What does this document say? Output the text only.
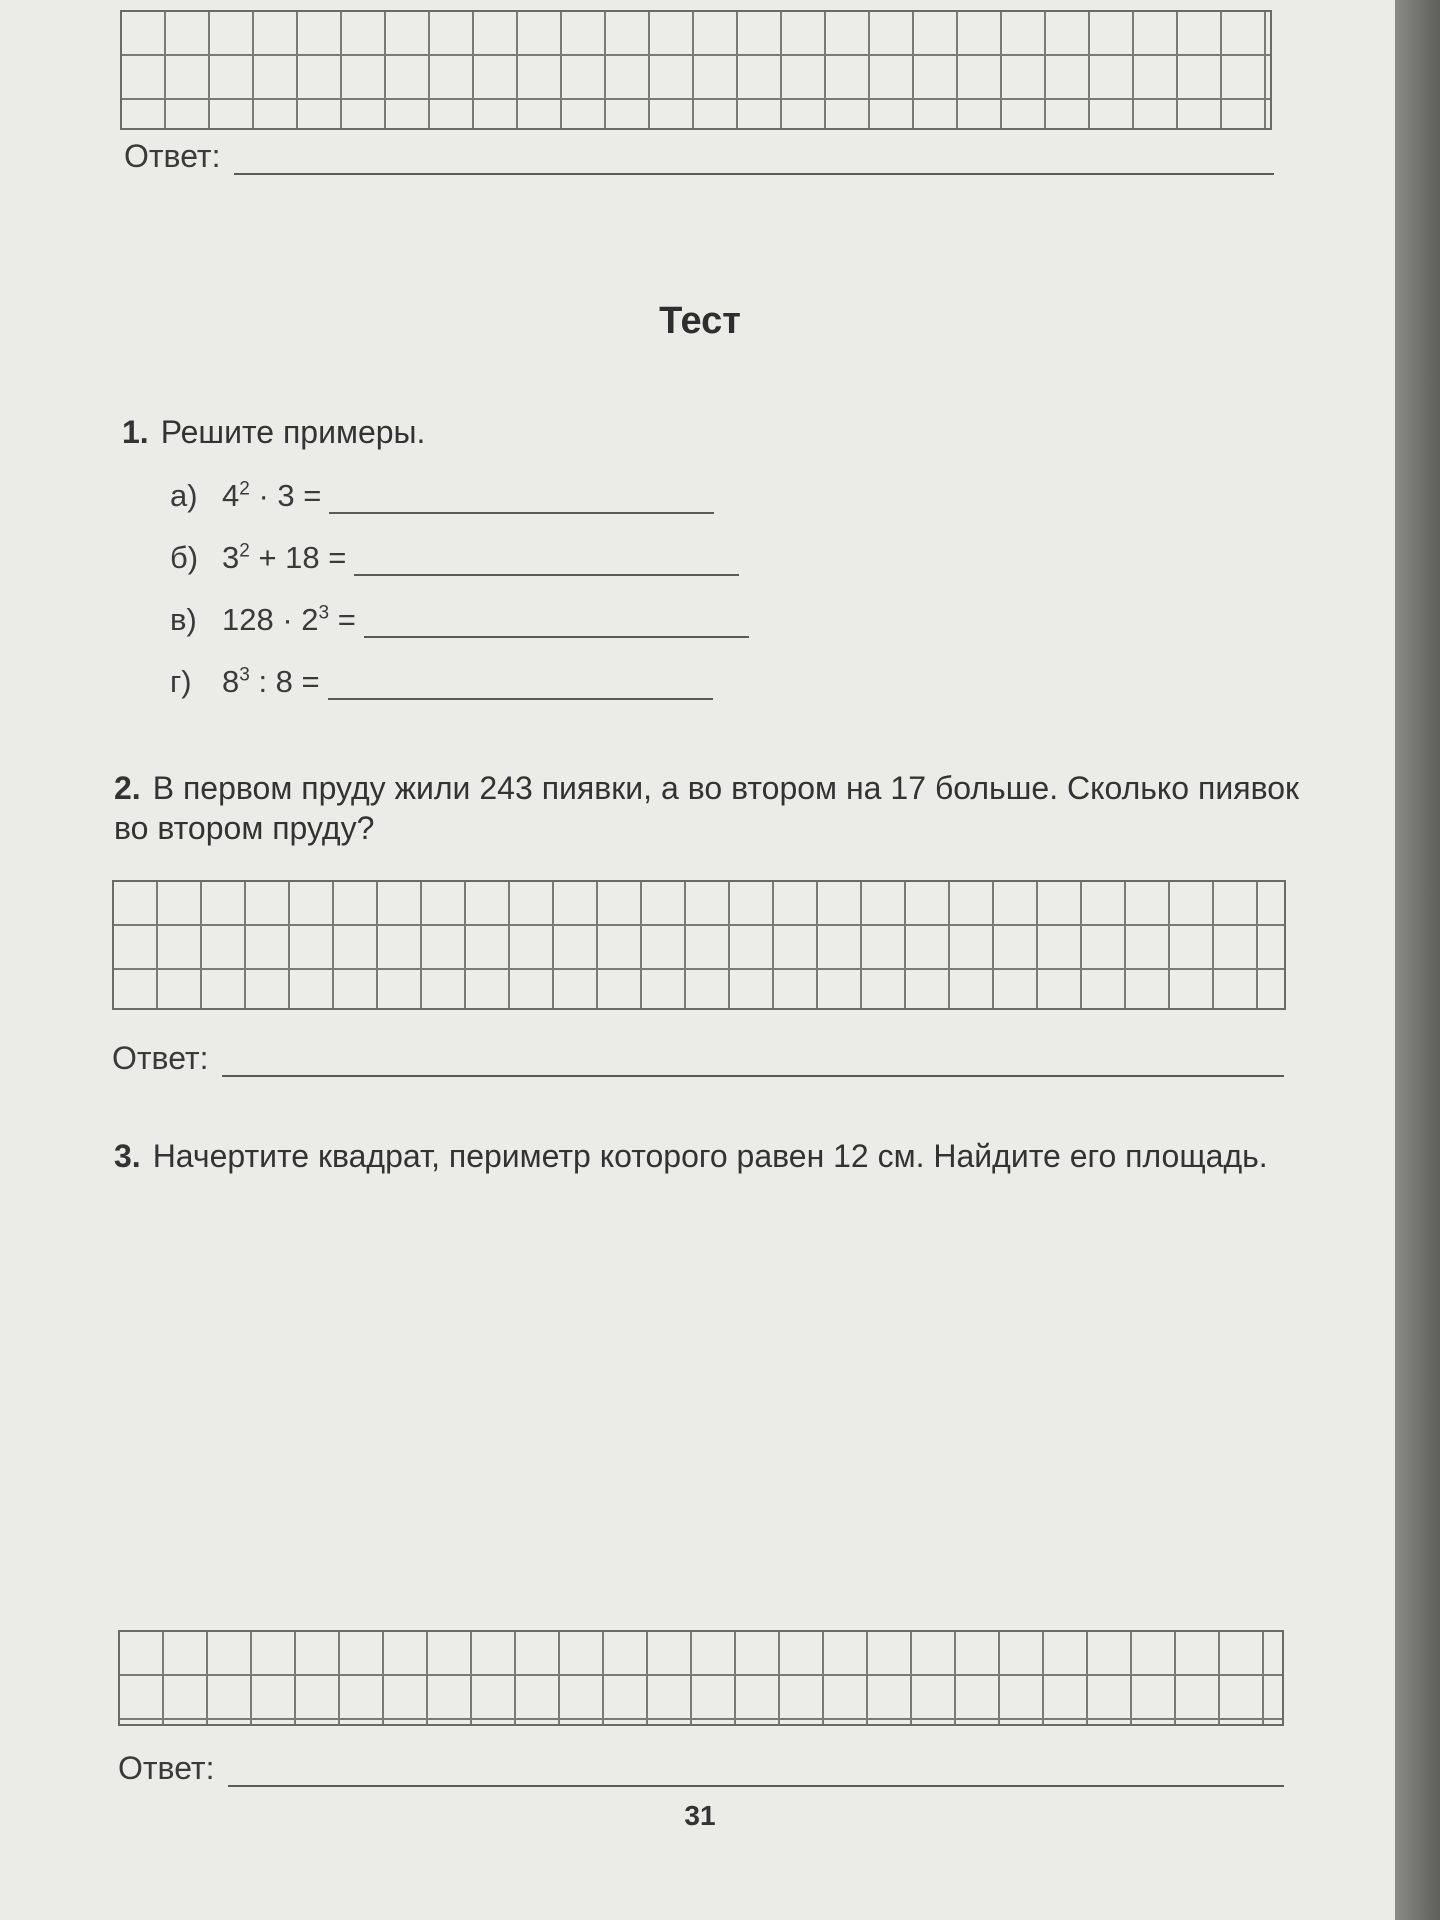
Ответ:
Тест
1. Решите примеры.
а) $4^2 \cdot 3$ =
б) $3^2 + 18$ =
в) $128 \cdot 2^3$ =
г) $8^3$ : 8 =
2. В первом пруду жили 243 пиявки, а во втором на 17 больше. Сколько пиявок во втором пруду?
Ответ:
3. Начертите квадрат, периметр которого равен 12 см. Найдите его площадь.
Ответ:
31
